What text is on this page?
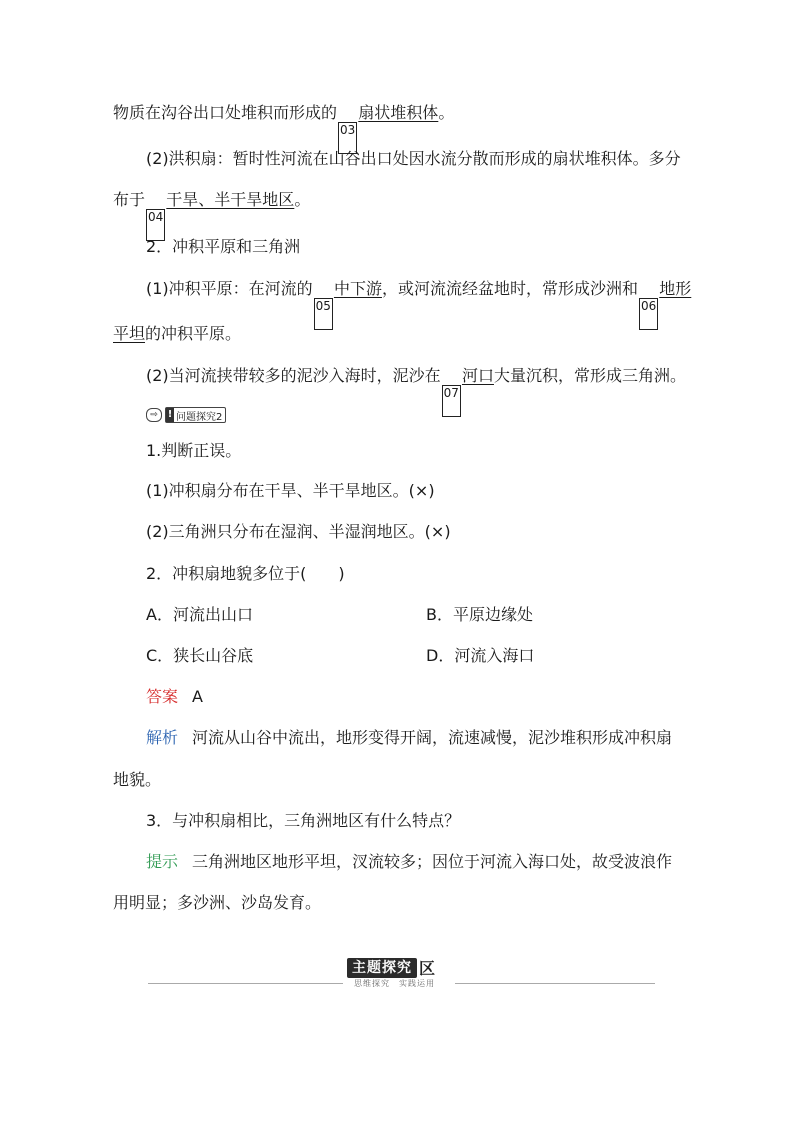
物质在沟谷出口处堆积而形成的03扇状堆积体。
(2)洪积扇：暂时性河流在山谷出口处因水流分散而形成的扇状堆积体。多分
布于04干旱、半干旱地区。
2．冲积平原和三角洲
(1)冲积平原：在河流的05中下游，或河流流经盆地时，常形成沙洲和06地形
平坦的冲积平原。
(2)当河流挟带较多的泥沙入海时，泥沙在07河口大量沉积，常形成三角洲。
⇨ ! 问题探究2
1.判断正误。
(1)冲积扇分布在干旱、半干旱地区。(×)
(2)三角洲只分布在湿润、半湿润地区。(×)
2．冲积扇地貌多位于(　　)
A．河流出山口	B．平原边缘处
C．狭长山谷底	D．河流入海口
答案 A
解析 河流从山谷中流出，地形变得开阔，流速减慢，泥沙堆积形成冲积扇
地貌。
3．与冲积扇相比，三角洲地区有什么特点？
提示 三角洲地区地形平坦，汊流较多；因位于河流入海口处，故受波浪作
用明显；多沙洲、沙岛发育。
主题探究 区
思维探究　实践运用
